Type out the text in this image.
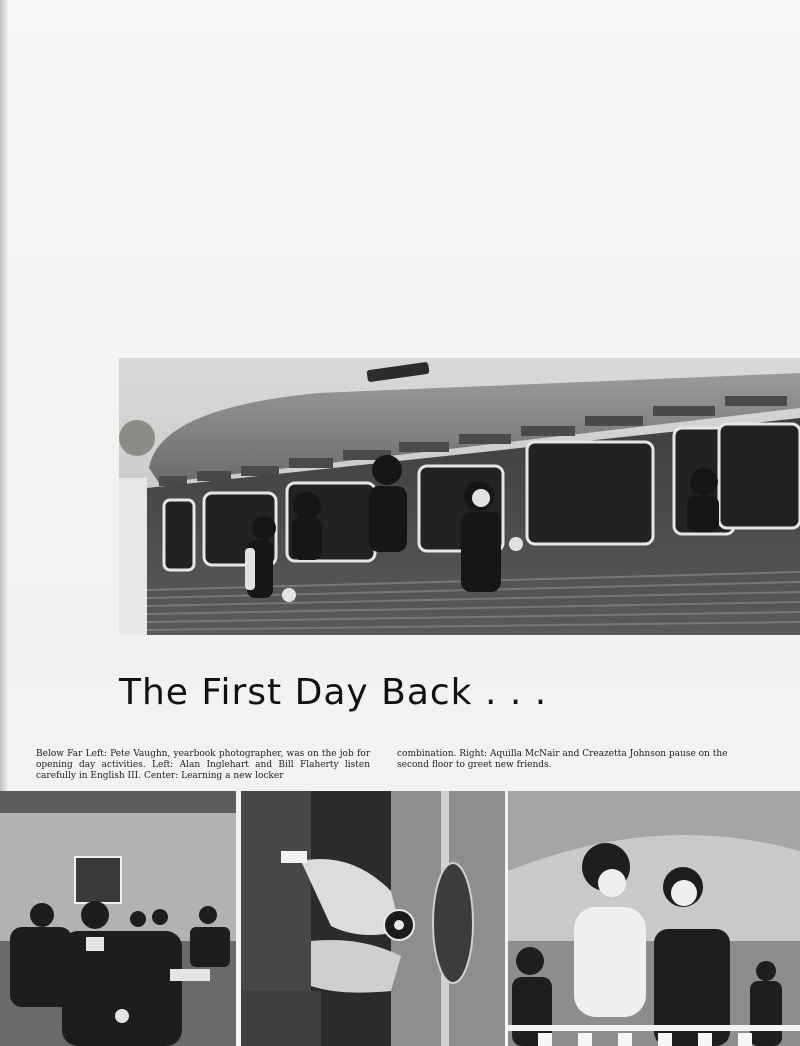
The First Day Back . . .

Below Far Left: Pete Vaughn, yearbook photographer, was on the job for opening day activities. Left: Alan Inglehart and Bill Flaherty listen carefully in English III. Center: Learning a new locker

combination. Right: Aquilla McNair and Creazetta Johnson pause on the second floor to greet new friends.
